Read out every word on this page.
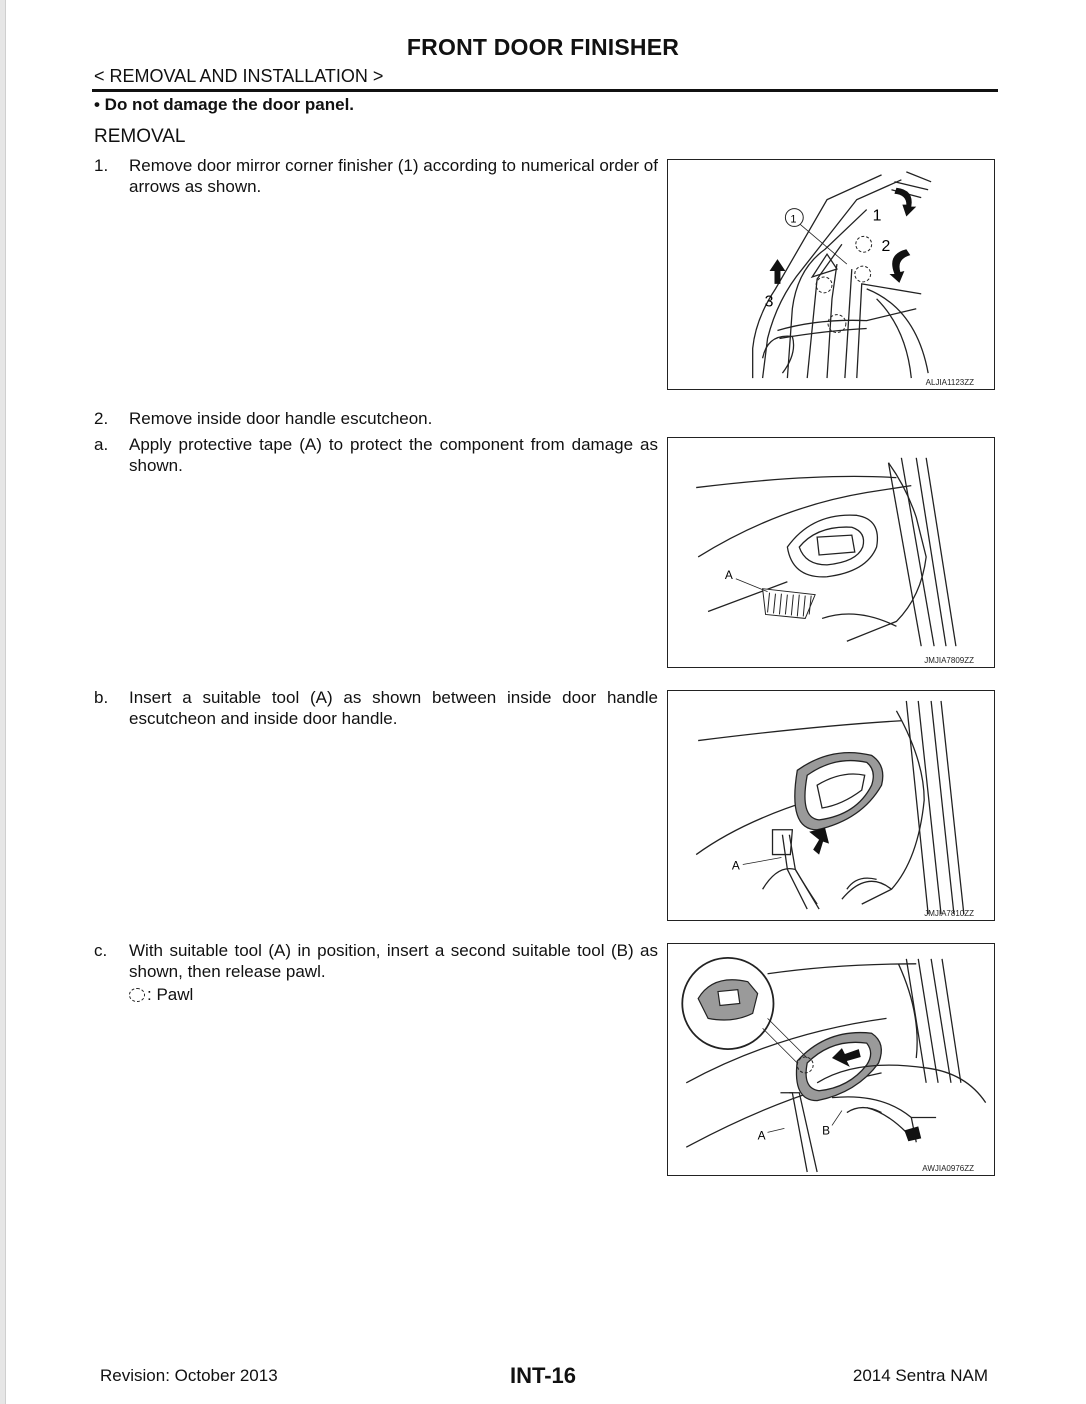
FRONT DOOR FINISHER
< REMOVAL AND INSTALLATION >
• Do not damage the door panel.
REMOVAL
1.	Remove door mirror corner finisher (1) according to numerical order of arrows as shown.
2.	Remove inside door handle escutcheon.
a.	Apply protective tape (A) to protect the component from damage as shown.
b.	Insert a suitable tool (A) as shown between inside door handle escutcheon and inside door handle.
c.	With suitable tool (A) in position, insert a second suitable tool (B) as shown, then release pawl.
: Pawl
1	1
2
3
ALJIA1123ZZ
A
JMJIA7809ZZ
A
JMJIA7810ZZ
A	B
AWJIA0976ZZ
Revision: October 2013	INT-16	2014 Sentra NAM
